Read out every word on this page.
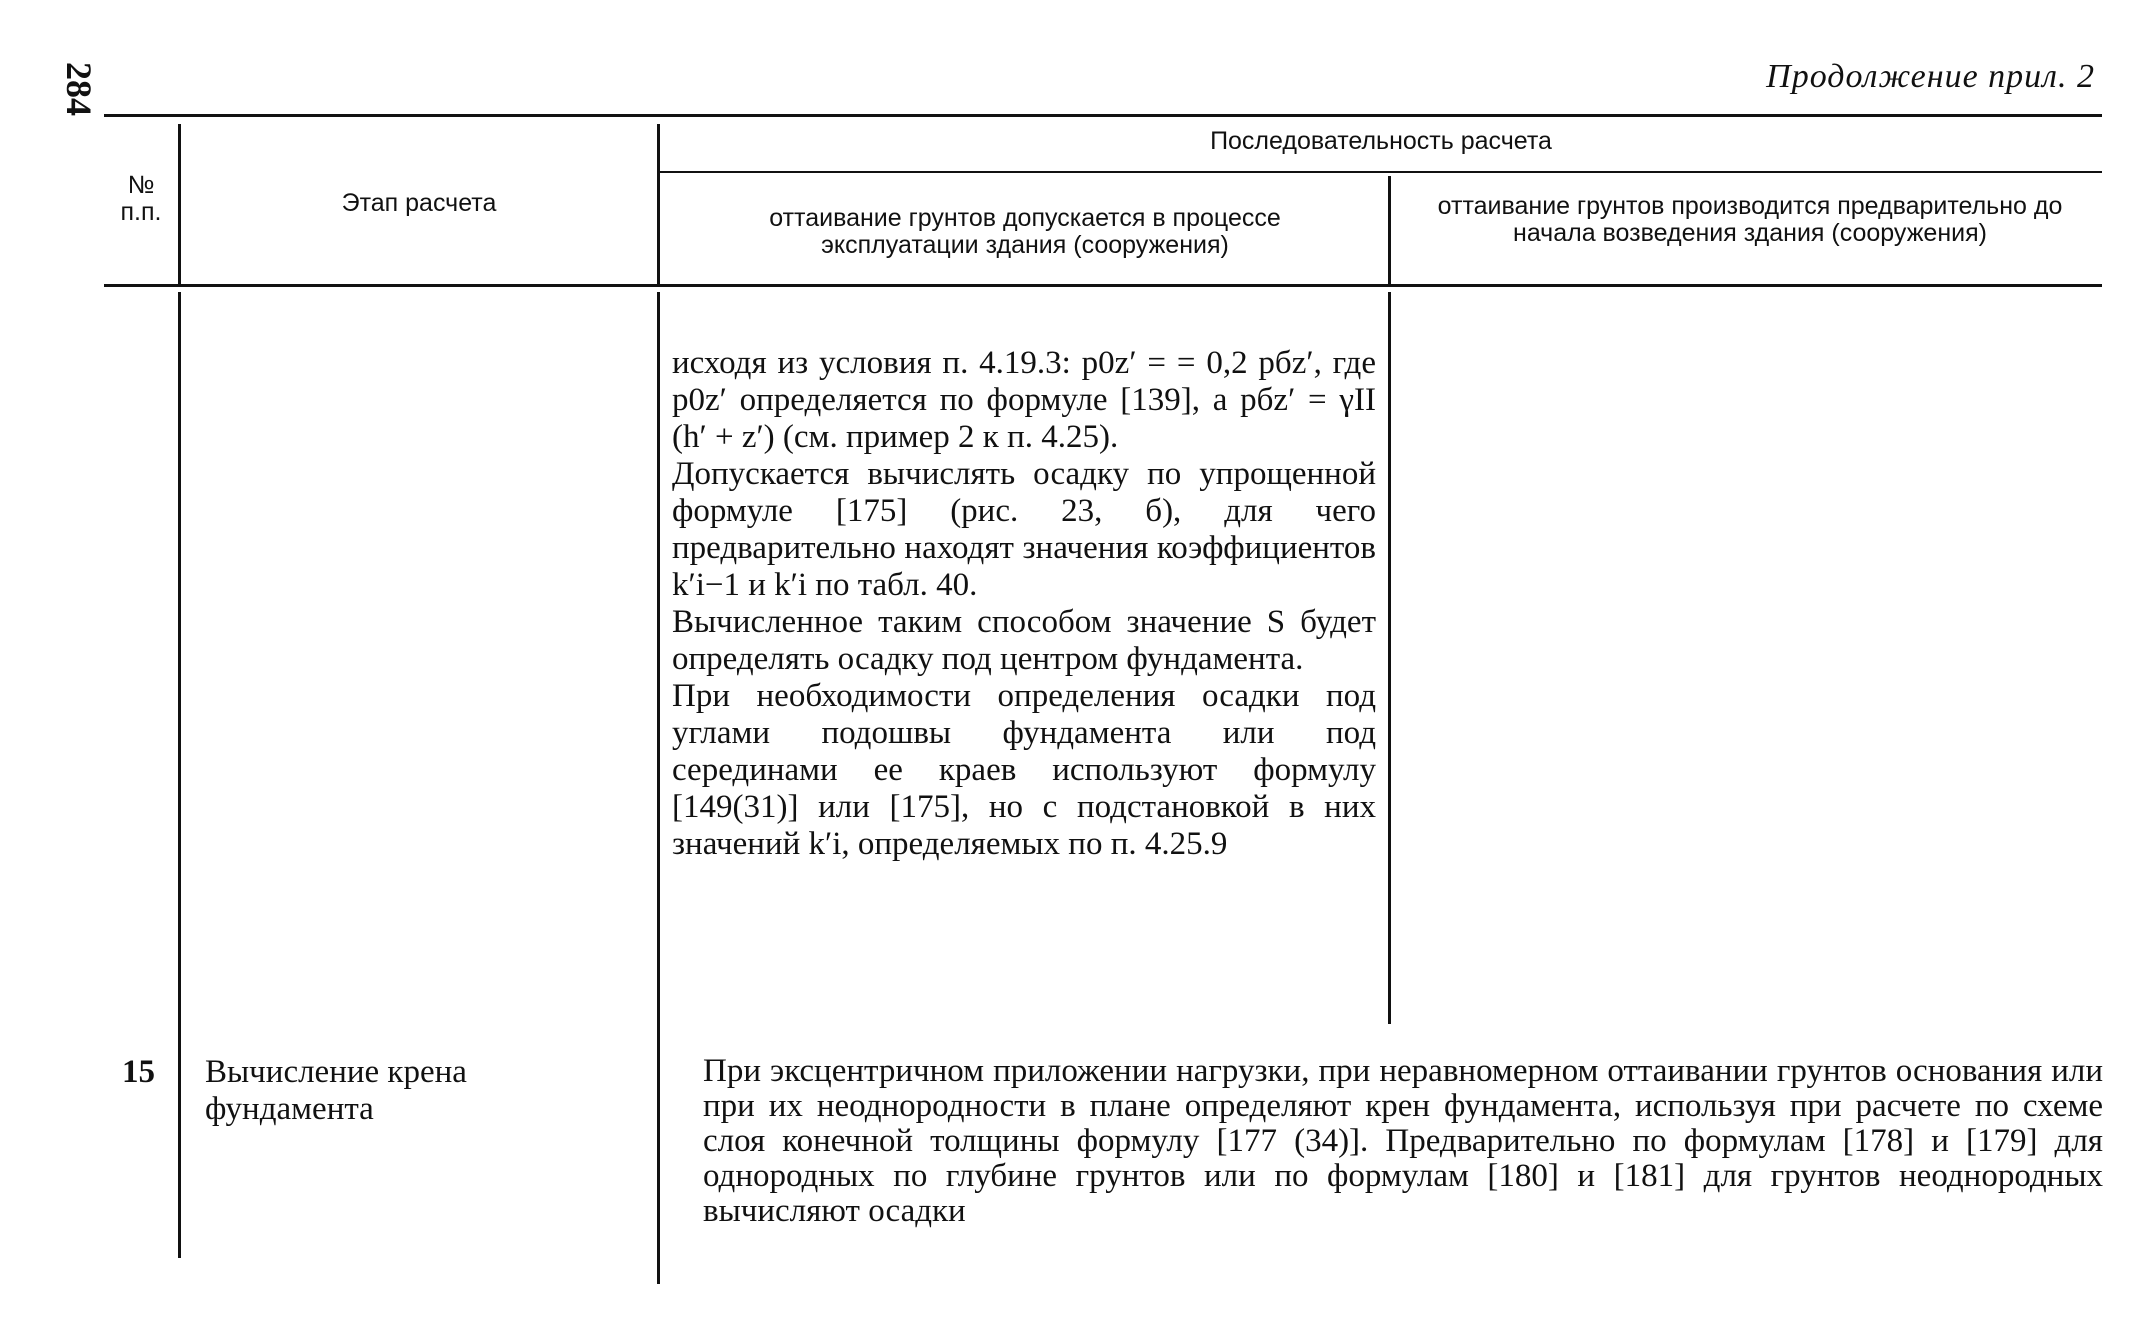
284	Продолжение прил. 2
№ п.п.	Этап расчета
Последовательность расчета
оттаивание грунтов допускается в процессе эксплуатации здания (сооружения)
оттаивание грунтов производится предварительно до начала возведения здания (сооружения)

исходя из условия п. 4.19.3: p0z′ = = 0,2 pбz′, где p0z′ определяется по формуле [139], а pбz′ = γII (h′ + z′) (см. пример 2 к п. 4.25).

Допускается вычислять осадку по упрощенной формуле [175] (рис. 23, б), для чего предварительно находят значения коэффициентов k′i−1 и k′i по табл. 40.

Вычисленное таким способом значение S будет определять осадку под центром фундамента.

При необходимости определения осадки под углами подошвы фундамента или под серединами ее краев используют формулу [149(31)] или [175], но с подстановкой в них значений k′i, определяемых по п. 4.25.9

15 Вычисление крена фундамента

При эксцентричном приложении нагрузки, при неравномерном оттаивании грунтов основания или при их неоднородности в плане определяют крен фундамента, используя при расчете по схеме слоя конечной толщины формулу [177 (34)]. Предварительно по формулам [178] и [179] для однородных по глубине грунтов или по формулам [180] и [181] для грунтов неоднородных вычисляют осадки
